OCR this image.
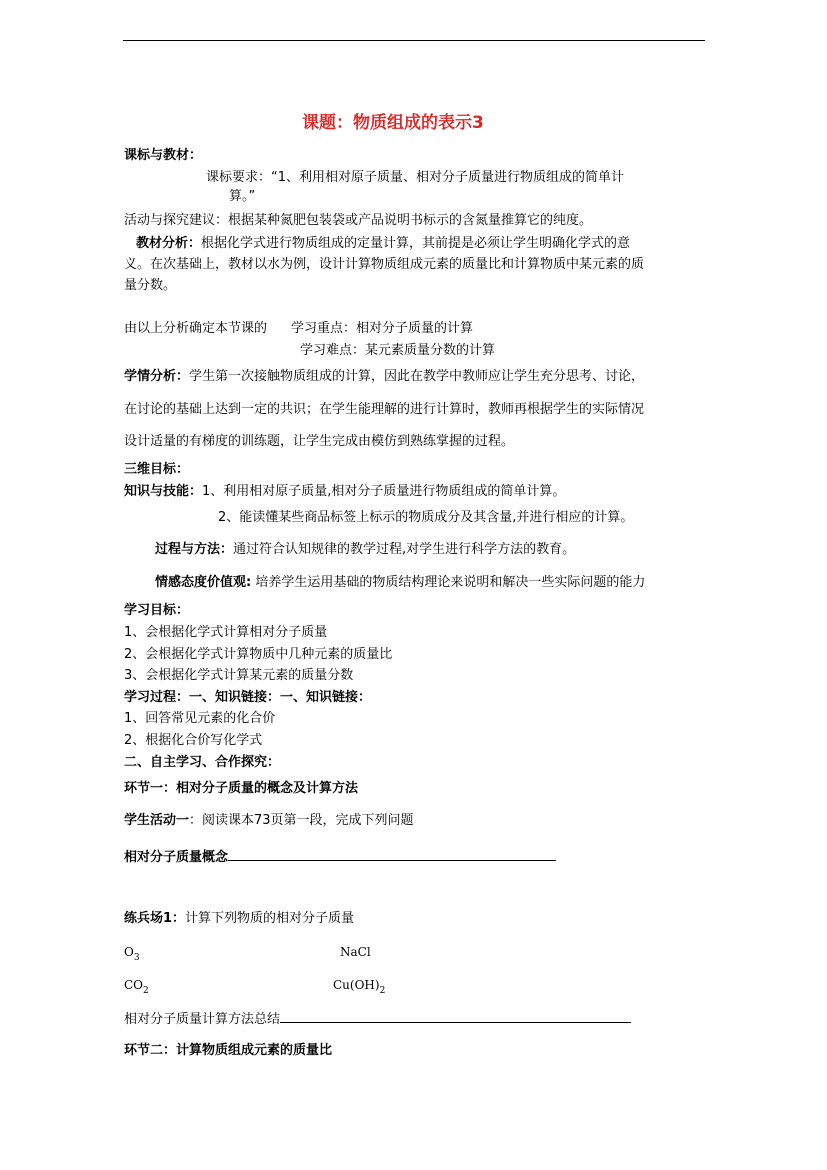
课题：物质组成的表示3
课标与教材：
课标要求：“1、利用相对原子质量、相对分子质量进行物质组成的简单计
算。”
活动与探究建议：根据某种氮肥包装袋或产品说明书标示的含氮量推算它的纯度。
教材分析：根据化学式进行物质组成的定量计算，其前提是必须让学生明确化学式的意
义。在次基础上，教材以水为例，设计计算物质组成元素的质量比和计算物质中某元素的质
量分数。
由以上分析确定本节课的 学习重点：相对分子质量的计算
学习难点：某元素质量分数的计算
学情分析：学生第一次接触物质组成的计算，因此在教学中教师应让学生充分思考、讨论，
在讨论的基础上达到一定的共识；在学生能理解的进行计算时，教师再根据学生的实际情况
设计适量的有梯度的训练题，让学生完成由模仿到熟练掌握的过程。
三维目标：
知识与技能：1、利用相对原子质量,相对分子质量进行物质组成的简单计算。
2、能读懂某些商品标签上标示的物质成分及其含量,并进行相应的计算。
过程与方法：通过符合认知规律的教学过程,对学生进行科学方法的教育。
情感态度价值观: 培养学生运用基础的物质结构理论来说明和解决一些实际问题的能力
学习目标：
1、会根据化学式计算相对分子质量
2、会根据化学式计算物质中几种元素的质量比
3、会根据化学式计算某元素的质量分数
学习过程：一、知识链接：一、知识链接：
1、回答常见元素的化合价
2、根据化合价写化学式
二、自主学习、合作探究：
环节一：相对分子质量的概念及计算方法
学生活动一：阅读课本73页第一段，完成下列问题
相对分子质量概念
练兵场1：计算下列物质的相对分子质量
$O_3$	NaCl
$CO_2$	$Cu(OH)_2$
相对分子质量计算方法总结
环节二：计算物质组成元素的质量比
